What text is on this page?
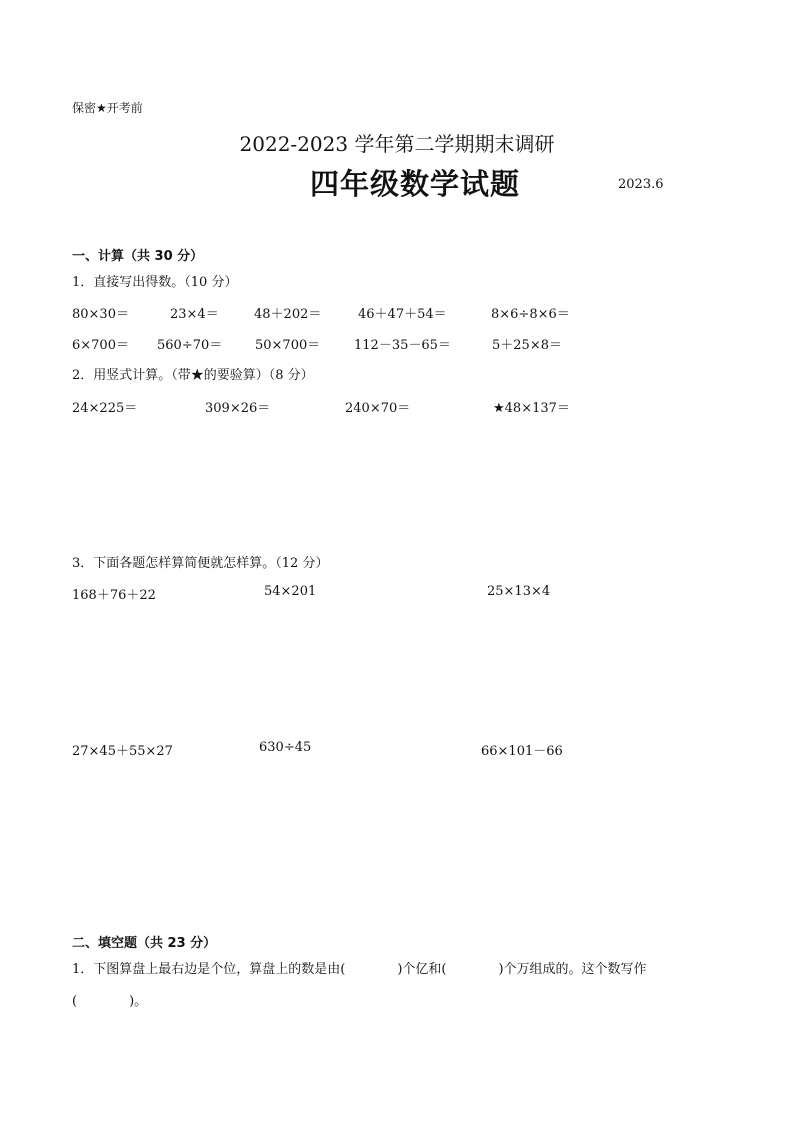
保密★开考前
2022-2023 学年第二学期期末调研
四年级数学试题	2023.6
一、计算（共 30 分）
1．直接写出得数。（10 分）
80×30＝	23×4＝	48＋202＝	46＋47＋54＝	8×6÷8×6＝
6×700＝ 560÷70＝	50×700＝	112－35－65＝	5＋25×8＝
2．用竖式计算。（带★的要验算）（8 分）
24×225＝	309×26＝	240×70＝	★48×137＝
3．下面各题怎样算简便就怎样算。（12 分）
168＋76＋22	54×201	25×13×4
27×45＋55×27	630÷45	66×101－66
二、填空题（共 23 分）
1．下图算盘上最右边是个位，算盘上的数是由(　　　　)个亿和(　　　　)个万组成的。这个数写作
(　　　　)。
